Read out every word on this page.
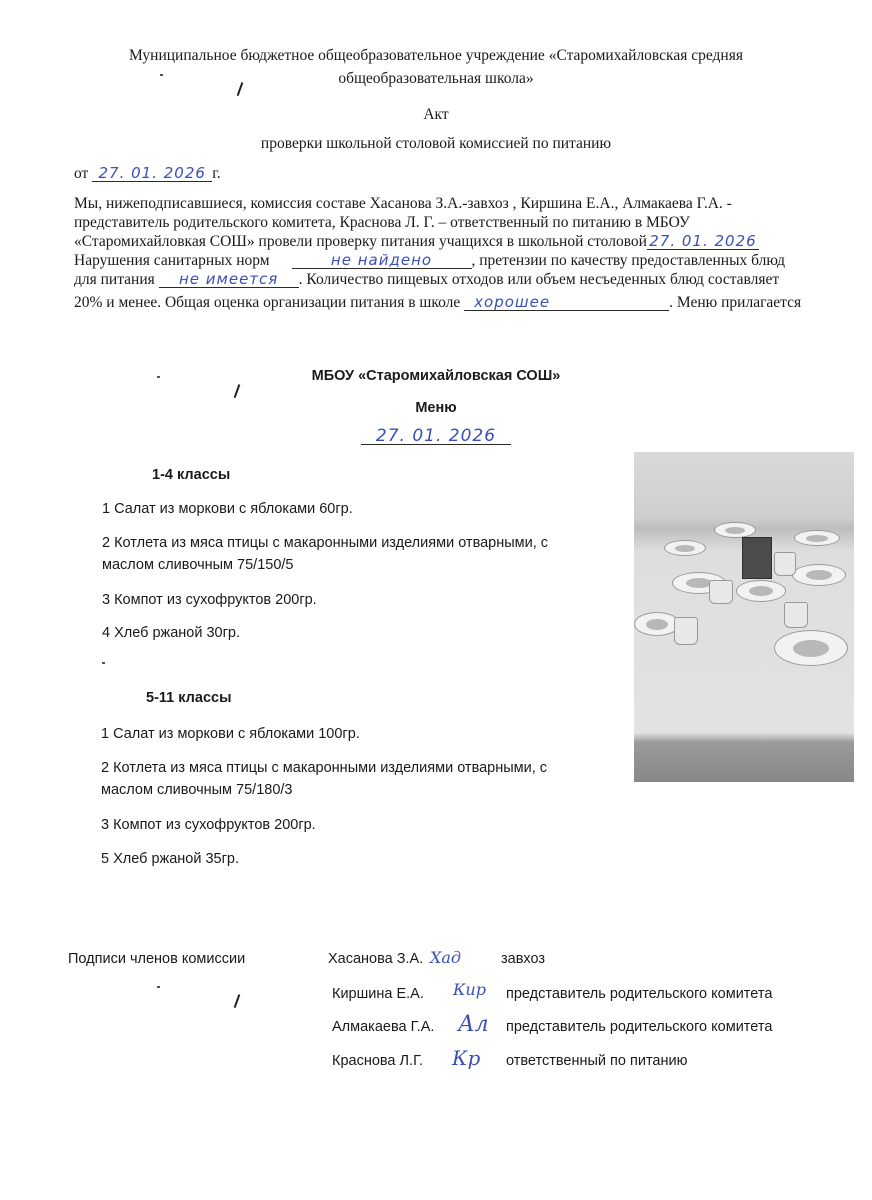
Муниципальное бюджетное общеобразовательное учреждение «Старомихайловская средняя
общеобразовательная школа»
Акт
проверки школьной столовой комиссией по питанию
от 27. 01. 2026 г.
Мы, нижеподписавшиеся, комиссия составе Хасанова З.А.-завхоз , Киршина Е.А., Алмакаева Г.А. -
представитель родительского комитета, Краснова Л. Г. – ответственный по питанию в МБОУ
«Старомихайловкая СОШ» провели проверку питания учащихся в школьной столовой 27. 01. 2026
Нарушения санитарных норм	не найдено	, претензии по качеству предоставленных блюд
для питания не имеется . Количество пищевых отходов или объем несъеденных блюд составляет
20% и менее. Общая оценка организации питания в школе хорошее	. Меню прилагается
МБОУ «Старомихайловская СОШ»
Меню
27. 01. 2026
1-4 классы
1 Салат из моркови с яблоками 60гр.
2 Котлета из мяса птицы с макаронными изделиями отварными, с
маслом сливочным 75/150/5
3 Компот из сухофруктов 200гр.
4 Хлеб ржаной 30гр.
5-11 классы
1 Салат из моркови с яблоками 100гр.
2 Котлета из мяса птицы с макаронными изделиями отварными, с
маслом сливочным 75/180/3
3 Компот из сухофруктов 200гр.
5 Хлеб ржаной 35гр.
Подписи членов комиссии	Хасанова З.А. Хад	завхоз
Киршина Е.А. Кир представитель родительского комитета
Алмакаева Г.А. Ал представитель родительского комитета
Краснова Л.Г. Кр ответственный по питанию
